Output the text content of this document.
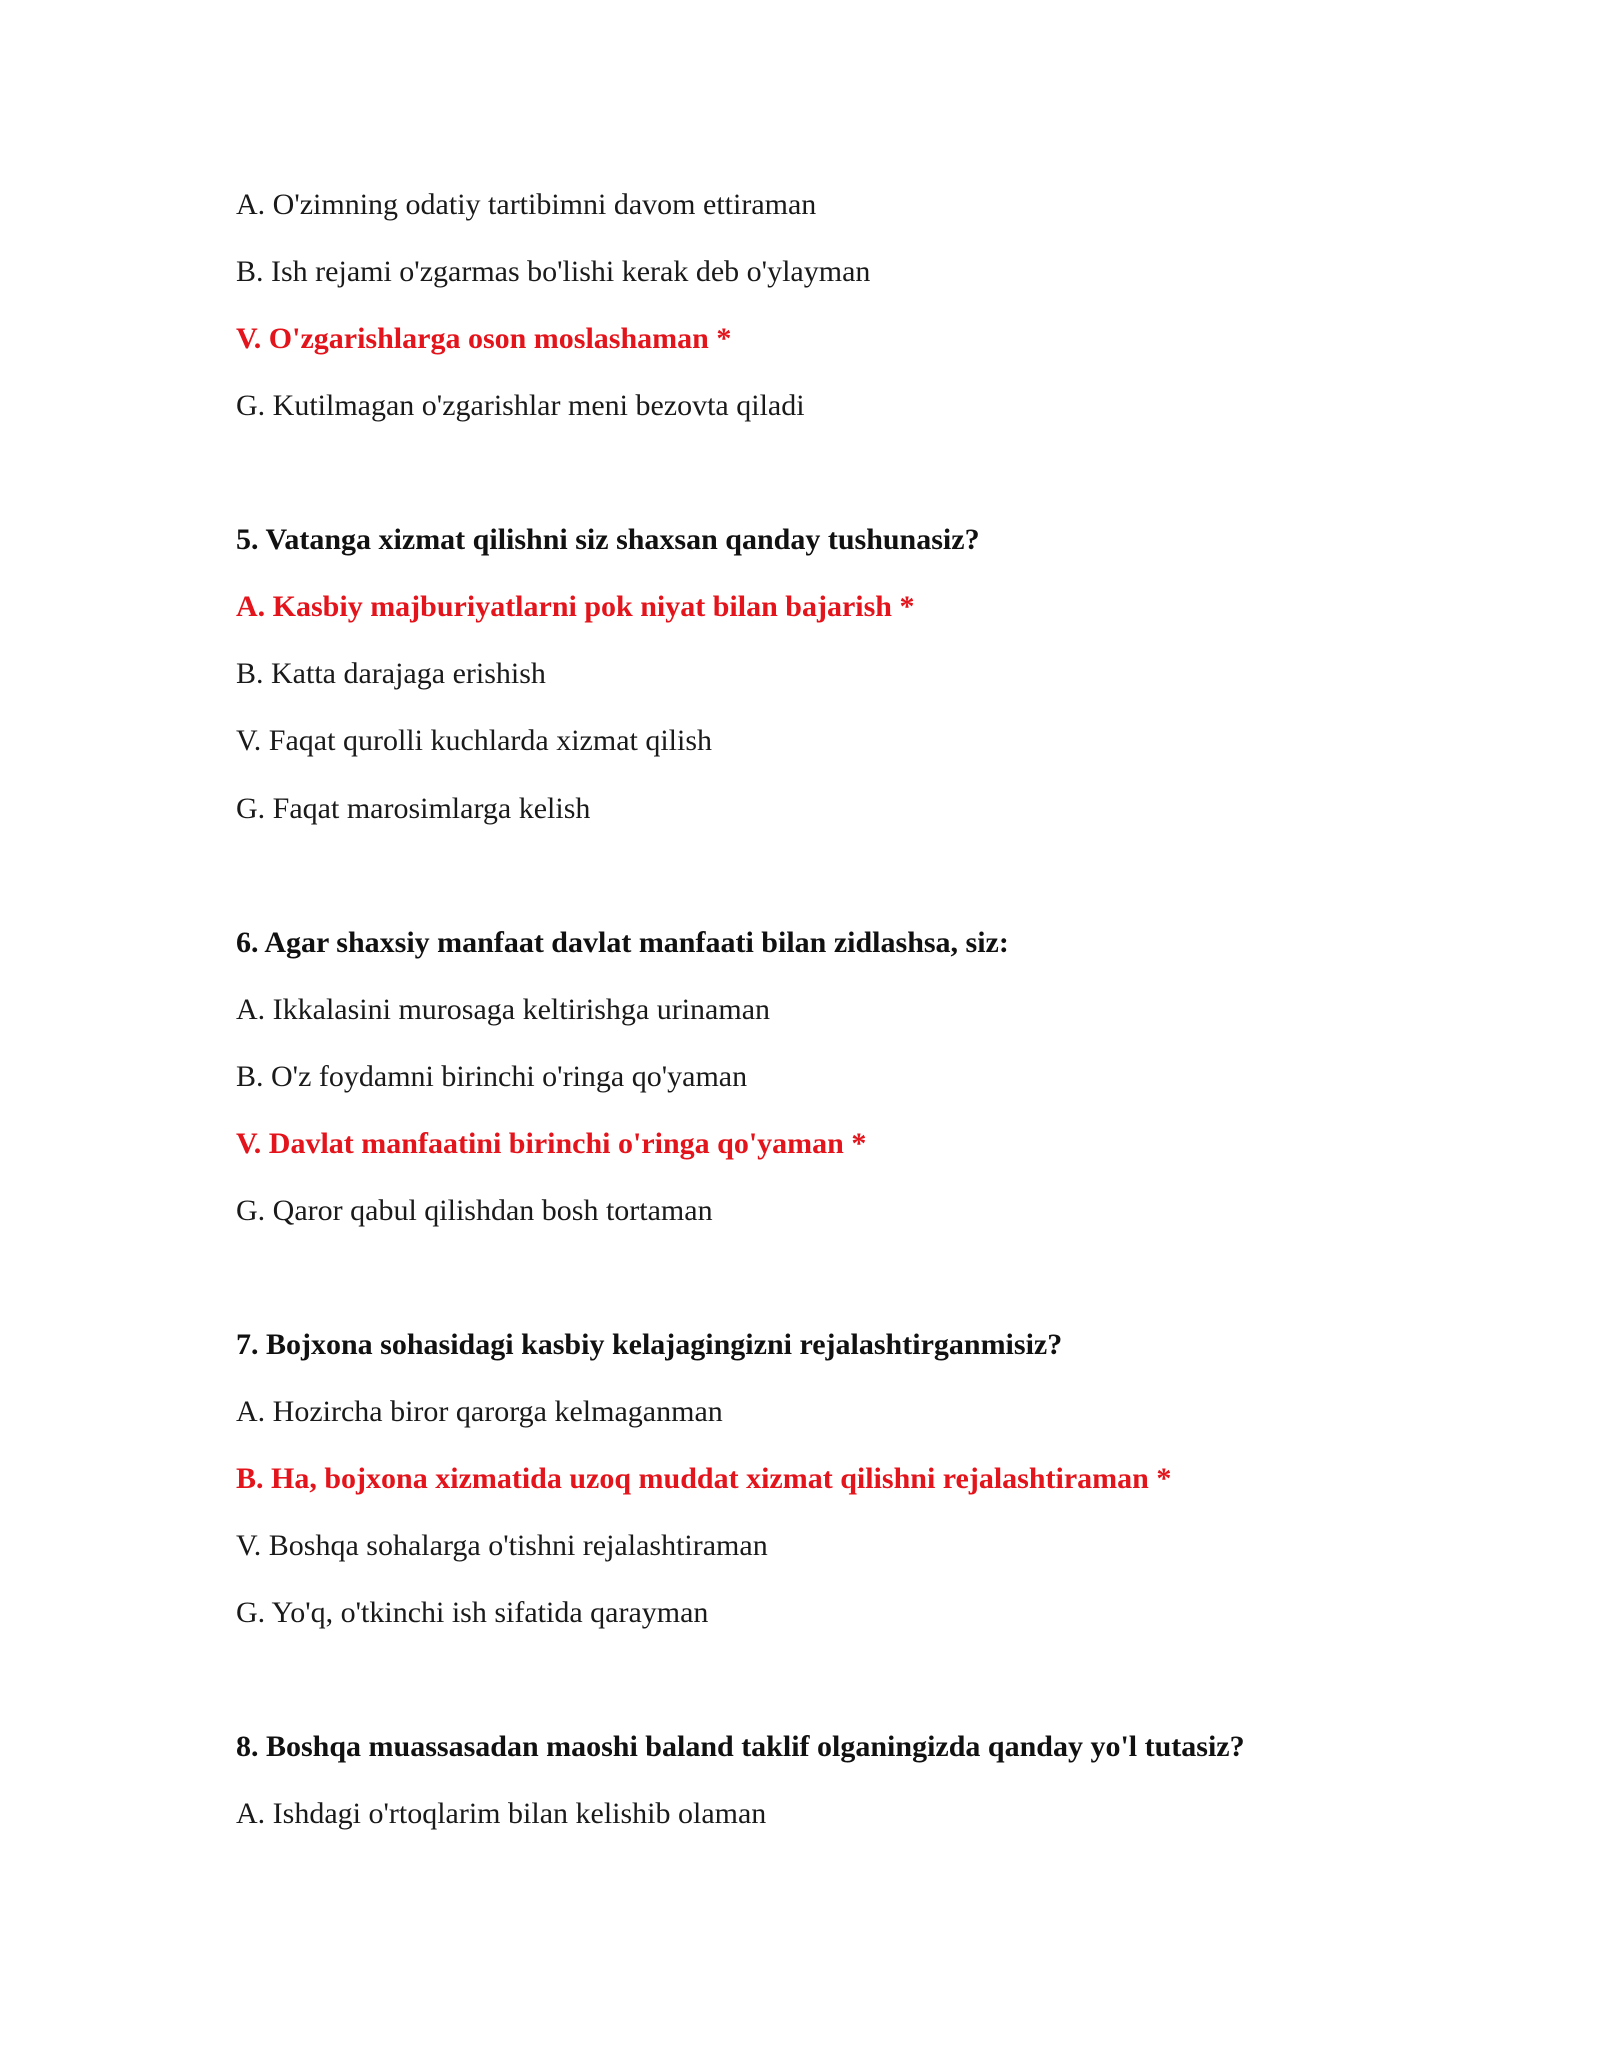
A. O'zimning odatiy tartibimni davom ettiraman
B. Ish rejami o'zgarmas bo'lishi kerak deb o'ylayman
V. O'zgarishlarga oson moslashaman *
G. Kutilmagan o'zgarishlar meni bezovta qiladi
5. Vatanga xizmat qilishni siz shaxsan qanday tushunasiz?
A. Kasbiy majburiyatlarni pok niyat bilan bajarish *
B. Katta darajaga erishish
V. Faqat qurolli kuchlarda xizmat qilish
G. Faqat marosimlarga kelish
6. Agar shaxsiy manfaat davlat manfaati bilan zidlashsa, siz:
A. Ikkalasini murosaga keltirishga urinaman
B. O'z foydamni birinchi o'ringa qo'yaman
V. Davlat manfaatini birinchi o'ringa qo'yaman *
G. Qaror qabul qilishdan bosh tortaman
7. Bojxona sohasidagi kasbiy kelajagingizni rejalashtirganmisiz?
A. Hozircha biror qarorga kelmaganman
B. Ha, bojxona xizmatida uzoq muddat xizmat qilishni rejalashtiraman *
V. Boshqa sohalarga o'tishni rejalashtiraman
G. Yo'q, o'tkinchi ish sifatida qarayman
8. Boshqa muassasadan maoshi baland taklif olganingizda qanday yo'l tutasiz?
A. Ishdagi o'rtoqlarim bilan kelishib olaman
